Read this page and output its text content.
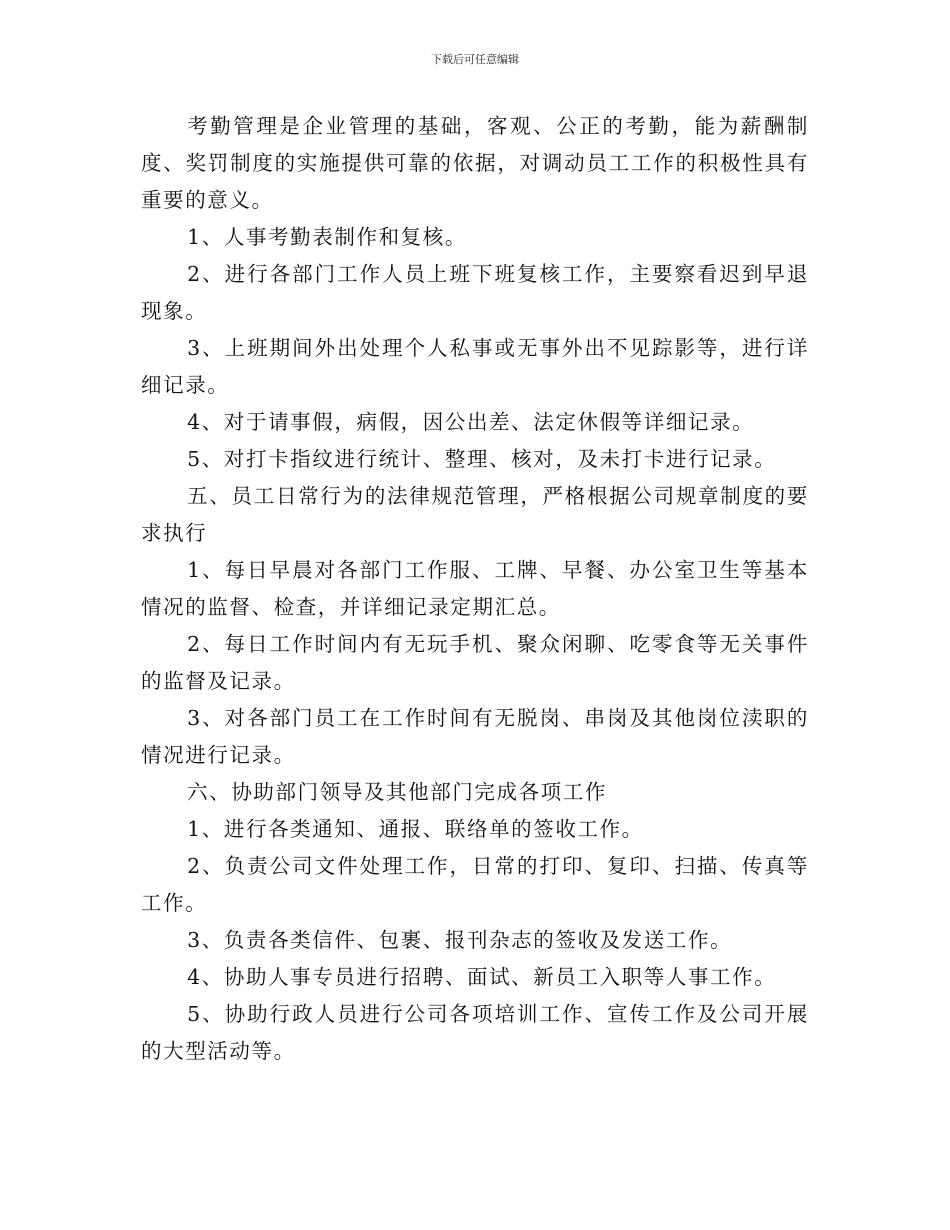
下载后可任意编辑

考勤管理是企业管理的基础，客观、公正的考勤，能为薪酬制度、奖罚制度的实施提供可靠的依据，对调动员工工作的积极性具有重要的意义。

1、人事考勤表制作和复核。

2、进行各部门工作人员上班下班复核工作，主要察看迟到早退现象。

3、上班期间外出处理个人私事或无事外出不见踪影等，进行详细记录。

4、对于请事假，病假，因公出差、法定休假等详细记录。

5、对打卡指纹进行统计、整理、核对，及未打卡进行记录。

五、员工日常行为的法律规范管理，严格根据公司规章制度的要求执行

1、每日早晨对各部门工作服、工牌、早餐、办公室卫生等基本情况的监督、检查，并详细记录定期汇总。

2、每日工作时间内有无玩手机、聚众闲聊、吃零食等无关事件的监督及记录。

3、对各部门员工在工作时间有无脱岗、串岗及其他岗位渎职的情况进行记录。

六、协助部门领导及其他部门完成各项工作

1、进行各类通知、通报、联络单的签收工作。

2、负责公司文件处理工作，日常的打印、复印、扫描、传真等工作。

3、负责各类信件、包裹、报刊杂志的签收及发送工作。

4、协助人事专员进行招聘、面试、新员工入职等人事工作。

5、协助行政人员进行公司各项培训工作、宣传工作及公司开展的大型活动等。
